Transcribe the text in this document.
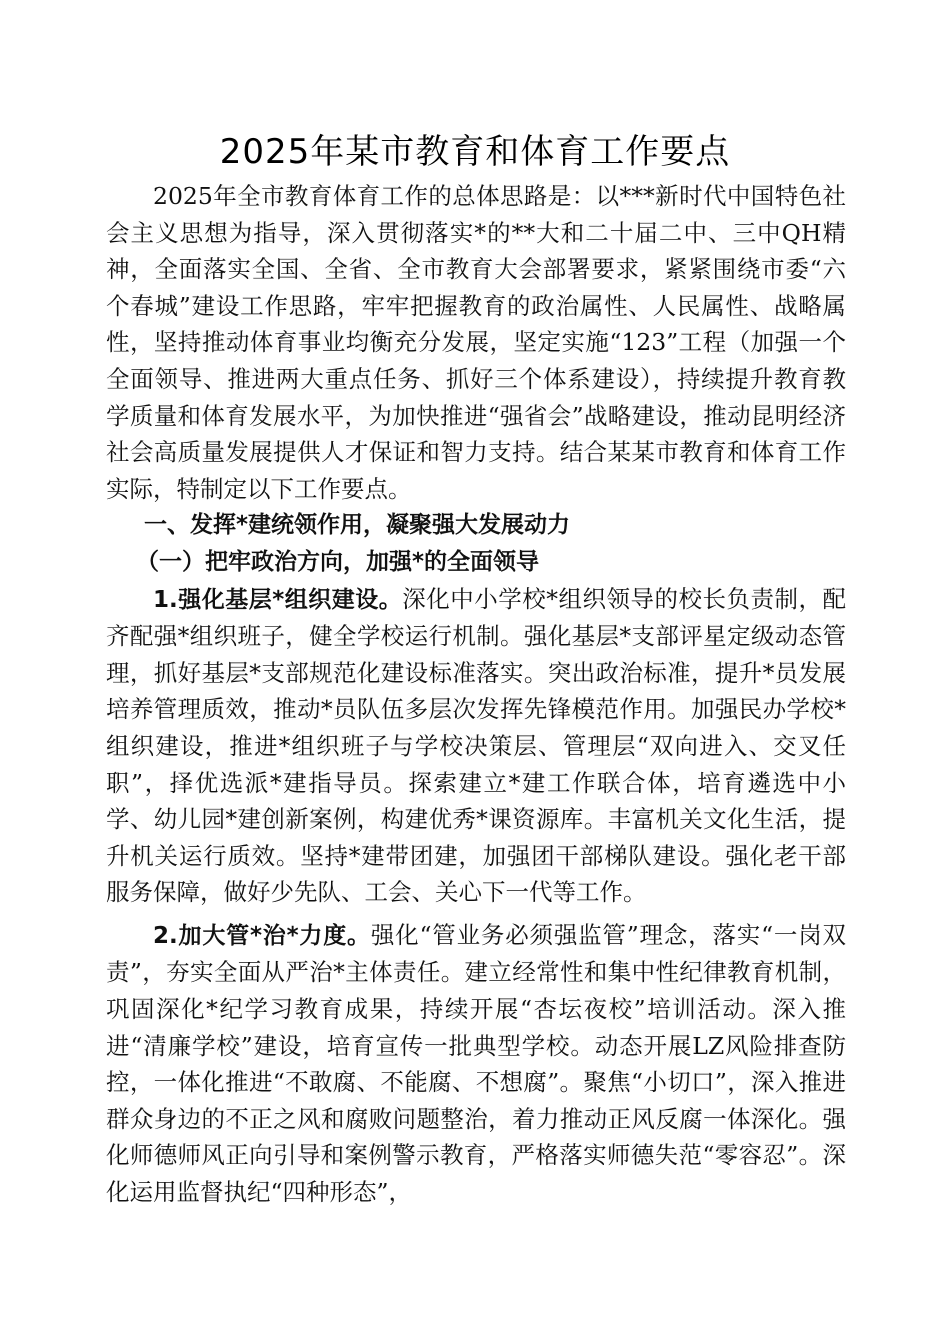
2025年某市教育和体育工作要点

2025年全市教育体育工作的总体思路是：以***新时代中国特色社会主义思想为指导，深入贯彻落实*的**大和二十届二中、三中QH精神，全面落实全国、全省、全市教育大会部署要求，紧紧围绕市委“六个春城”建设工作思路，牢牢把握教育的政治属性、人民属性、战略属性，坚持推动体育事业均衡充分发展，坚定实施“123”工程（加强一个全面领导、推进两大重点任务、抓好三个体系建设），持续提升教育教学质量和体育发展水平，为加快推进“强省会”战略建设，推动昆明经济社会高质量发展提供人才保证和智力支持。结合某某市教育和体育工作实际，特制定以下工作要点。

一、发挥*建统领作用，凝聚强大发展动力

（一）把牢政治方向，加强*的全面领导

1.强化基层*组织建设。深化中小学校*组织领导的校长负责制，配齐配强*组织班子，健全学校运行机制。强化基层*支部评星定级动态管理，抓好基层*支部规范化建设标准落实。突出政治标准，提升*员发展培养管理质效，推动*员队伍多层次发挥先锋模范作用。加强民办学校*组织建设，推进*组织班子与学校决策层、管理层“双向进入、交叉任职”，择优选派*建指导员。探索建立*建工作联合体，培育遴选中小学、幼儿园*建创新案例，构建优秀*课资源库。丰富机关文化生活，提升机关运行质效。坚持*建带团建，加强团干部梯队建设。强化老干部服务保障，做好少先队、工会、关心下一代等工作。

2.加大管*治*力度。强化“管业务必须强监管”理念，落实“一岗双责”，夯实全面从严治*主体责任。建立经常性和集中性纪律教育机制，巩固深化*纪学习教育成果，持续开展“杏坛夜校”培训活动。深入推进“清廉学校”建设，培育宣传一批典型学校。动态开展LZ风险排查防控，一体化推进“不敢腐、不能腐、不想腐”。聚焦“小切口”，深入推进群众身边的不正之风和腐败问题整治，着力推动正风反腐一体深化。强化师德师风正向引导和案例警示教育，严格落实师德失范“零容忍”。深化运用监督执纪“四种形态”，
